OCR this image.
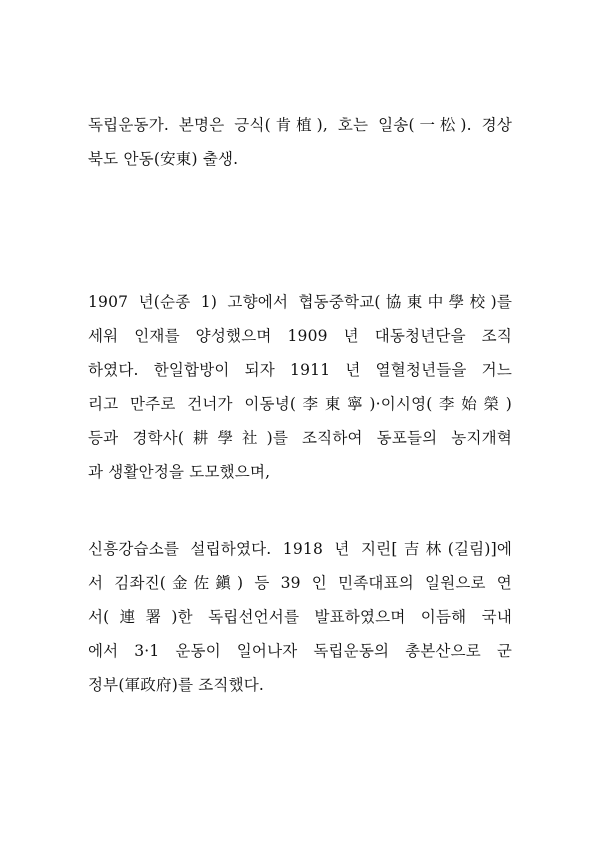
독립운동가. 본명은 긍식(肯植), 호는 일송(一松). 경상
북도 안동(安東) 출생.
1907 년(순종 1) 고향에서 협동중학교(協東中學校)를
세워 인재를 양성했으며 1909 년 대동청년단을 조직
하였다. 한일합방이 되자 1911 년 열혈청년들을 거느
리고 만주로 건너가 이동녕(李東寧)·이시영(李始榮)
등과 경학사(耕學社)를 조직하여 동포들의 농지개혁
과 생활안정을 도모했으며,
신흥강습소를 설립하였다. 1918 년 지린[吉林(길림)]에
서 김좌진(金佐鎭) 등 39 인 민족대표의 일원으로 연
서(連署)한 독립선언서를 발표하였으며 이듬해 국내
에서 3·1 운동이 일어나자 독립운동의 총본산으로 군
정부(軍政府)를 조직했다.
